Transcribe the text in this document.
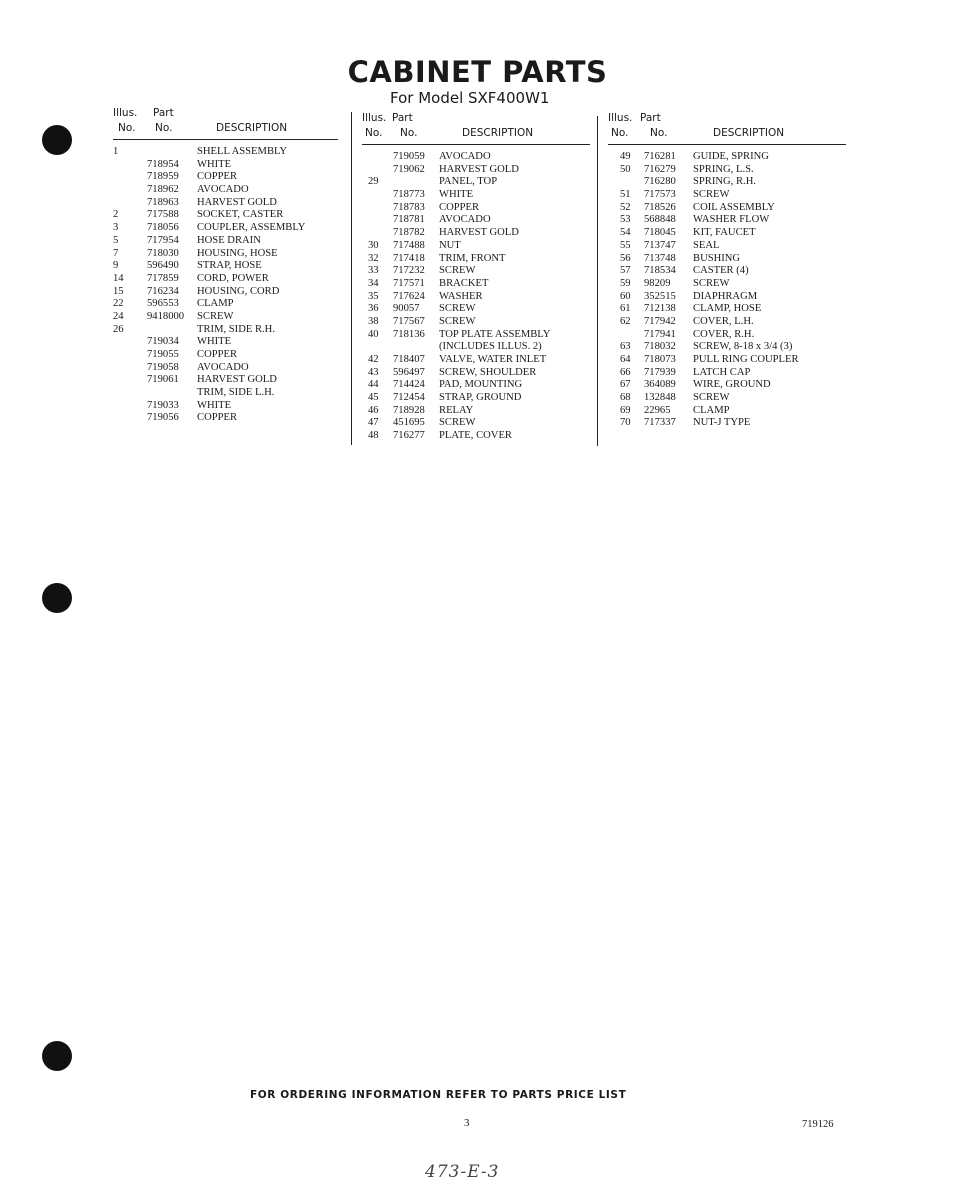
CABINET PARTS
For Model SXF400W1
Illus. Part
No. No.	DESCRIPTION
1	SHELL ASSEMBLY
718954 WHITE
718959 COPPER
718962 AVOCADO
718963 HARVEST GOLD
2	717588 SOCKET, CASTER
3	718056 COUPLER, ASSEMBLY
5	717954 HOSE DRAIN
7	718030 HOUSING, HOSE
9	596490 STRAP, HOSE
14 717859 CORD, POWER
15 716234 HOUSING, CORD
22 596553 CLAMP
24 9418000 SCREW
26	TRIM, SIDE R.H.
719034 WHITE
719055 COPPER
719058 AVOCADO
719061 HARVEST GOLD
TRIM, SIDE L.H.
719033 WHITE
719056 COPPER
Illus. Part
No. No.	DESCRIPTION
719059 AVOCADO
719062 HARVEST GOLD
29	PANEL, TOP
718773 WHITE
718783 COPPER
718781 AVOCADO
718782 HARVEST GOLD
30 717488 NUT
32 717418 TRIM, FRONT
33 717232 SCREW
34 717571 BRACKET
35 717624 WASHER
36 90057 SCREW
38 717567 SCREW
40 718136 TOP PLATE ASSEMBLY
(INCLUDES ILLUS. 2)
42 718407 VALVE, WATER INLET
43 596497 SCREW, SHOULDER
44 714424 PAD, MOUNTING
45 712454 STRAP, GROUND
46 718928 RELAY
47 451695 SCREW
48 716277 PLATE, COVER
Illus. Part
No. No.	DESCRIPTION
49 716281 GUIDE, SPRING
50 716279 SPRING, L.S.
716280 SPRING, R.H.
51 717573 SCREW
52 718526 COIL ASSEMBLY
53 568848 WASHER FLOW
54 718045 KIT, FAUCET
55 713747 SEAL
56 713748 BUSHING
57 718534 CASTER (4)
59 98209 SCREW
60 352515 DIAPHRAGM
61 712138 CLAMP, HOSE
62 717942 COVER, L.H.
717941 COVER, R.H.
63 718032 SCREW, 8-18 x 3/4 (3)
64 718073 PULL RING COUPLER
66 717939 LATCH CAP
67 364089 WIRE, GROUND
68 132848 SCREW
69 22965 CLAMP
70 717337 NUT-J TYPE
FOR ORDERING INFORMATION REFER TO PARTS PRICE LIST
3	719126
473-E-3
